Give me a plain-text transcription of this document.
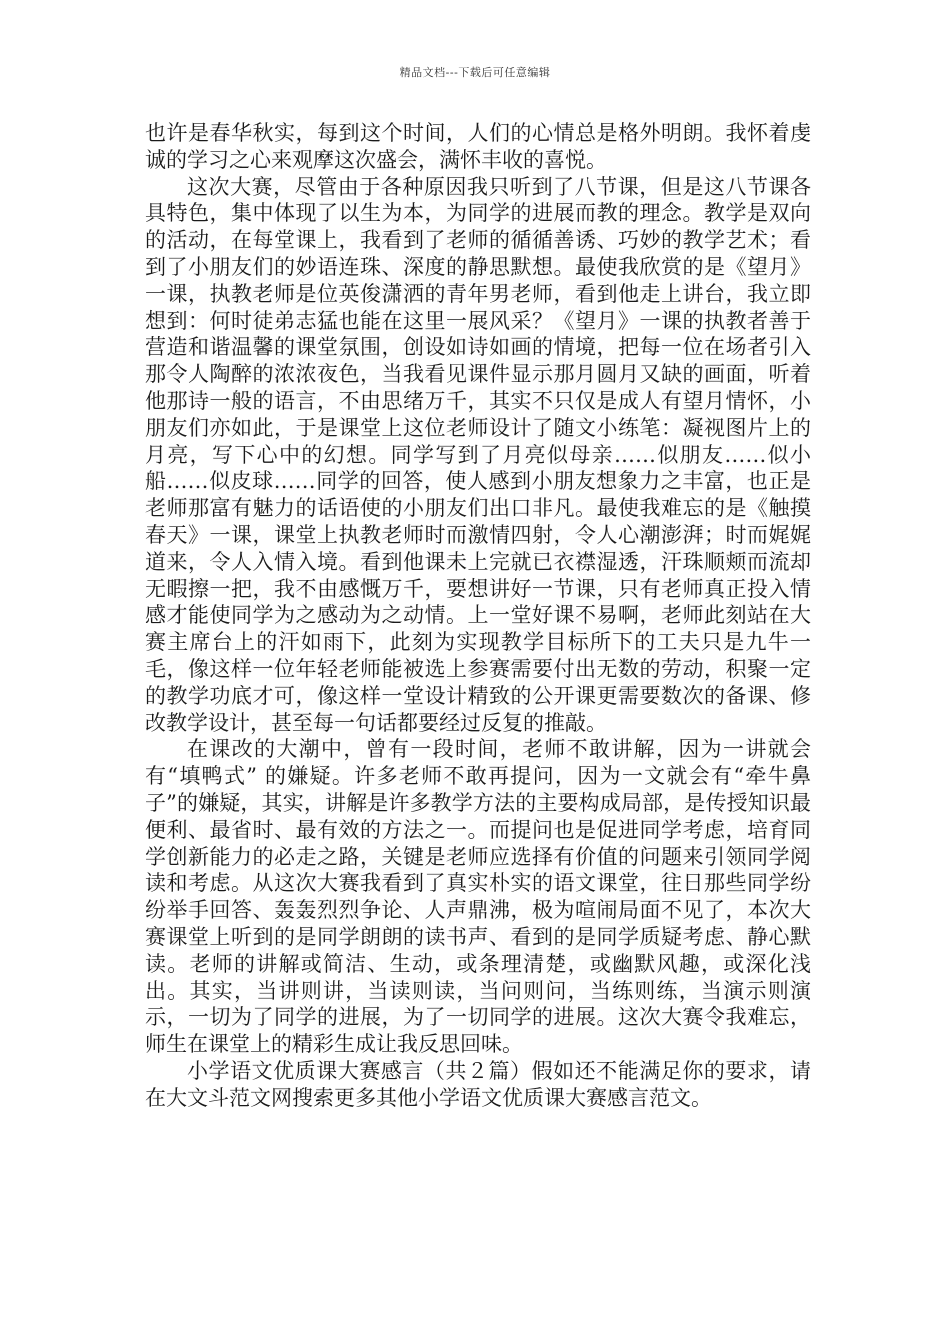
精品文档---下载后可任意编辑

也许是春华秋实，每到这个时间，人们的心情总是格外明朗。我怀着虔诚的学习之心来观摩这次盛会，满怀丰收的喜悦。

这次大赛，尽管由于各种原因我只听到了八节课，但是这八节课各具特色，集中体现了以生为本，为同学的进展而教的理念。教学是双向的活动，在每堂课上，我看到了老师的循循善诱、巧妙的教学艺术；看到了小朋友们的妙语连珠、深度的静思默想。最使我欣赏的是《望月》一课，执教老师是位英俊潇洒的青年男老师，看到他走上讲台，我立即想到：何时徒弟志猛也能在这里一展风采？《望月》一课的执教者善于营造和谐温馨的课堂氛围，创设如诗如画的情境，把每一位在场者引入那令人陶醉的浓浓夜色，当我看见课件显示那月圆月又缺的画面，听着他那诗一般的语言，不由思绪万千，其实不只仅是成人有望月情怀，小朋友们亦如此，于是课堂上这位老师设计了随文小练笔：凝视图片上的月亮，写下心中的幻想。同学写到了月亮似母亲……似朋友……似小船……似皮球……同学的回答，使人感到小朋友想象力之丰富，也正是老师那富有魅力的话语使的小朋友们出口非凡。最使我难忘的是《触摸春天》一课，课堂上执教老师时而激情四射，令人心潮澎湃；时而娓娓道来，令人入情入境。看到他课未上完就已衣襟湿透，汗珠顺颊而流却无暇擦一把，我不由感慨万千，要想讲好一节课，只有老师真正投入情感才能使同学为之感动为之动情。上一堂好课不易啊，老师此刻站在大赛主席台上的汗如雨下，此刻为实现教学目标所下的工夫只是九牛一毛，像这样一位年轻老师能被选上参赛需要付出无数的劳动，积聚一定的教学功底才可，像这样一堂设计精致的公开课更需要数次的备课、修改教学设计，甚至每一句话都要经过反复的推敲。

在课改的大潮中，曾有一段时间，老师不敢讲解，因为一讲就会有“填鸭式” 的嫌疑。许多老师不敢再提问，因为一文就会有“牵牛鼻子”的嫌疑，其实，讲解是许多教学方法的主要构成局部，是传授知识最便利、最省时、最有效的方法之一。而提问也是促进同学考虑，培育同学创新能力的必走之路，关键是老师应选择有价值的问题来引领同学阅读和考虑。从这次大赛我看到了真实朴实的语文课堂，往日那些同学纷纷举手回答、轰轰烈烈争论、人声鼎沸，极为喧闹局面不见了，本次大赛课堂上听到的是同学朗朗的读书声、看到的是同学质疑考虑、静心默读。老师的讲解或简洁、生动，或条理清楚，或幽默风趣，或深化浅出。其实，当讲则讲，当读则读，当问则问，当练则练，当演示则演示，一切为了同学的进展，为了一切同学的进展。这次大赛令我难忘，师生在课堂上的精彩生成让我反思回味。

小学语文优质课大赛感言（共２篇）假如还不能满足你的要求，请在大文斗范文网搜索更多其他小学语文优质课大赛感言范文。
